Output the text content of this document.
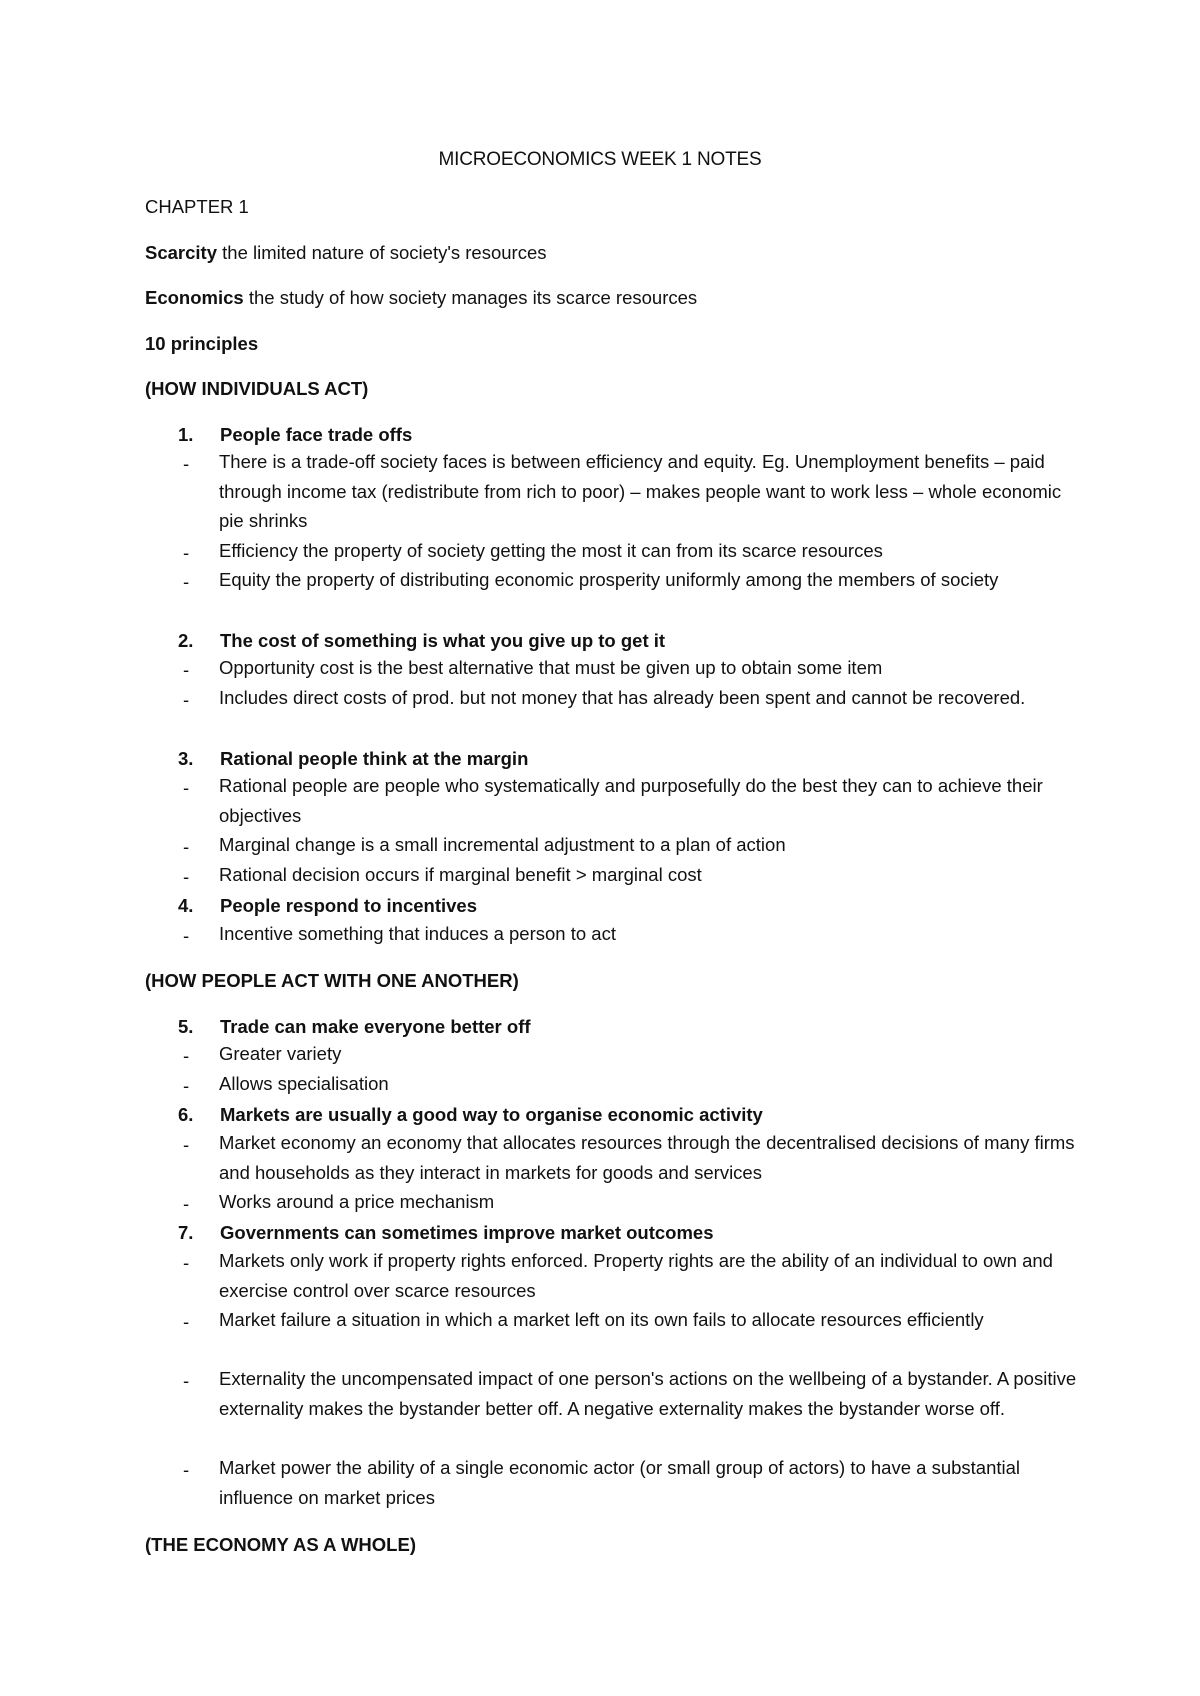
MICROECONOMICS WEEK 1 NOTES
CHAPTER 1
Scarcity the limited nature of society's resources
Economics the study of how society manages its scarce resources
10 principles
(HOW INDIVIDUALS ACT)
1. People face trade offs
- There is a trade-off society faces is between efficiency and equity. Eg. Unemployment benefits – paid through income tax (redistribute from rich to poor) – makes people want to work less – whole economic pie shrinks
- Efficiency the property of society getting the most it can from its scarce resources
- Equity the property of distributing economic prosperity uniformly among the members of society
2. The cost of something is what you give up to get it
- Opportunity cost is the best alternative that must be given up to obtain some item
- Includes direct costs of prod. but not money that has already been spent and cannot be recovered.
3. Rational people think at the margin
- Rational people are people who systematically and purposefully do the best they can to achieve their objectives
- Marginal change is a small incremental adjustment to a plan of action
- Rational decision occurs if marginal benefit > marginal cost
4. People respond to incentives
- Incentive something that induces a person to act
(HOW PEOPLE ACT WITH ONE ANOTHER)
5. Trade can make everyone better off
- Greater variety
- Allows specialisation
6. Markets are usually a good way to organise economic activity
- Market economy an economy that allocates resources through the decentralised decisions of many firms and households as they interact in markets for goods and services
- Works around a price mechanism
7. Governments can sometimes improve market outcomes
- Markets only work if property rights enforced. Property rights are the ability of an individual to own and exercise control over scarce resources
- Market failure a situation in which a market left on its own fails to allocate resources efficiently
- Externality the uncompensated impact of one person's actions on the wellbeing of a bystander. A positive externality makes the bystander better off. A negative externality makes the bystander worse off.
- Market power the ability of a single economic actor (or small group of actors) to have a substantial influence on market prices
(THE ECONOMY AS A WHOLE)
